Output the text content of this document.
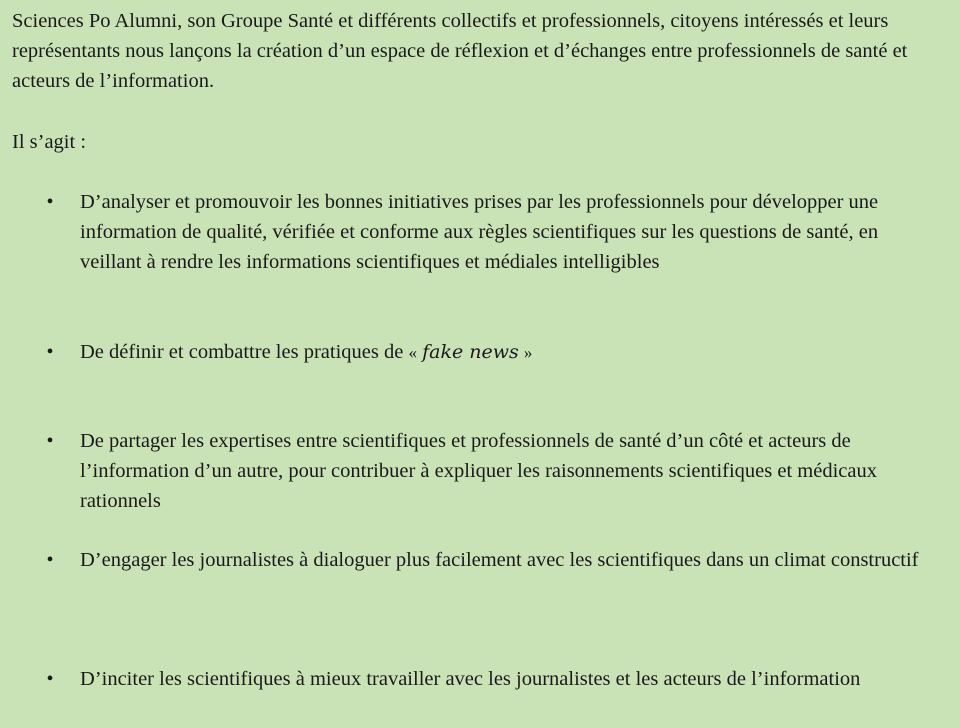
Sciences Po Alumni, son Groupe Santé et différents collectifs et professionnels, citoyens intéressés et leurs représentants nous lançons la création d’un espace de réflexion et d’échanges entre professionnels de santé et acteurs de l’information.

Il s’agit :

• D’analyser et promouvoir les bonnes initiatives prises par les professionnels pour développer une information de qualité, vérifiée et conforme aux règles scientifiques sur les questions de santé, en veillant à rendre les informations scientifiques et médiales intelligibles
• De définir et combattre les pratiques de « fake news »
• De partager les expertises entre scientifiques et professionnels de santé d’un côté et acteurs de l’information d’un autre, pour contribuer à expliquer les raisonnements scientifiques et médicaux rationnels
• D’engager les journalistes à dialoguer plus facilement avec les scientifiques dans un climat constructif
• D’inciter les scientifiques à mieux travailler avec les journalistes et les acteurs de l’information
